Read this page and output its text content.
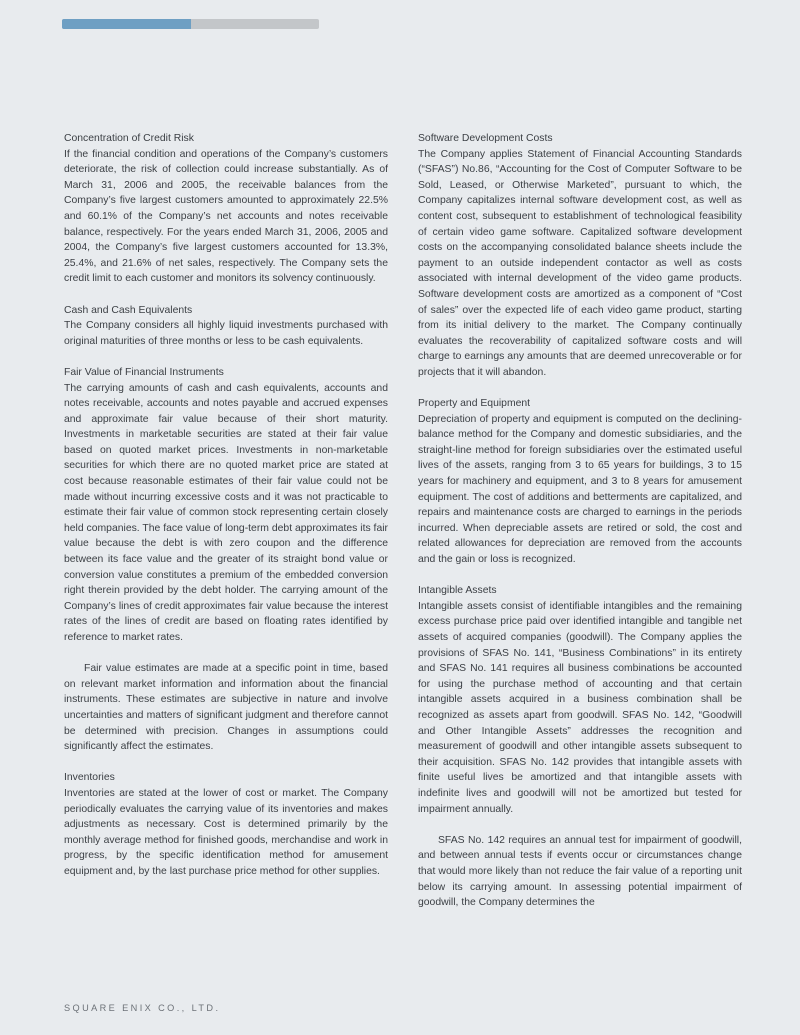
Concentration of Credit Risk

If the financial condition and operations of the Company’s customers deteriorate, the risk of collection could increase substantially. As of March 31, 2006 and 2005, the receivable balances from the Company’s five largest customers amounted to approximately 22.5% and 60.1% of the Company’s net accounts and notes receivable balance, respectively. For the years ended March 31, 2006, 2005 and 2004, the Company’s five largest customers accounted for 13.3%, 25.4%, and 21.6% of net sales, respectively. The Company sets the credit limit to each customer and monitors its solvency continuously.

Cash and Cash Equivalents

The Company considers all highly liquid investments purchased with original maturities of three months or less to be cash equivalents.

Fair Value of Financial Instruments

The carrying amounts of cash and cash equivalents, accounts and notes receivable, accounts and notes payable and accrued expenses and approximate fair value because of their short maturity. Investments in marketable securities are stated at their fair value based on quoted market prices. Investments in non-marketable securities for which there are no quoted market price are stated at cost because reasonable estimates of their fair value could not be made without incurring excessive costs and it was not practicable to estimate their fair value of common stock representing certain closely held companies. The face value of long-term debt approximates its fair value because the debt is with zero coupon and the difference between its face value and the greater of its straight bond value or conversion value constitutes a premium of the embedded conversion right therein provided by the debt holder. The carrying amount of the Company’s lines of credit approximates fair value because the interest rates of the lines of credit are based on floating rates identified by reference to market rates.

Fair value estimates are made at a specific point in time, based on relevant market information and information about the financial instruments. These estimates are subjective in nature and involve uncertainties and matters of significant judgment and therefore cannot be determined with precision. Changes in assumptions could significantly affect the estimates.

Inventories

Inventories are stated at the lower of cost or market. The Company periodically evaluates the carrying value of its inventories and makes adjustments as necessary. Cost is determined primarily by the monthly average method for finished goods, merchandise and work in progress, by the specific identification method for amusement equipment and, by the last purchase price method for other supplies.

Software Development Costs

The Company applies Statement of Financial Accounting Standards (“SFAS”) No.86, “Accounting for the Cost of Computer Software to be Sold, Leased, or Otherwise Marketed”, pursuant to which, the Company capitalizes internal software development cost, as well as content cost, subsequent to establishment of technological feasibility of certain video game software. Capitalized software development costs on the accompanying consolidated balance sheets include the payment to an outside independent contactor as well as costs associated with internal development of the video game products. Software development costs are amortized as a component of “Cost of sales” over the expected life of each video game product, starting from its initial delivery to the market. The Company continually evaluates the recoverability of capitalized software costs and will charge to earnings any amounts that are deemed unrecoverable or for projects that it will abandon.

Property and Equipment

Depreciation of property and equipment is computed on the declining-balance method for the Company and domestic subsidiaries, and the straight-line method for foreign subsidiaries over the estimated useful lives of the assets, ranging from 3 to 65 years for buildings, 3 to 15 years for machinery and equipment, and 3 to 8 years for amusement equipment. The cost of additions and betterments are capitalized, and repairs and maintenance costs are charged to earnings in the periods incurred. When depreciable assets are retired or sold, the cost and related allowances for depreciation are removed from the accounts and the gain or loss is recognized.

Intangible Assets

Intangible assets consist of identifiable intangibles and the remaining excess purchase price paid over identified intangible and tangible net assets of acquired companies (goodwill). The Company applies the provisions of SFAS No. 141, “Business Combinations” in its entirety and SFAS No. 141 requires all business combinations be accounted for using the purchase method of accounting and that certain intangible assets acquired in a business combination shall be recognized as assets apart from goodwill. SFAS No. 142, “Goodwill and Other Intangible Assets” addresses the recognition and measurement of goodwill and other intangible assets subsequent to their acquisition. SFAS No. 142 provides that intangible assets with finite useful lives be amortized and that intangible assets with indefinite lives and goodwill will not be amortized but tested for impairment annually.

SFAS No. 142 requires an annual test for impairment of goodwill, and between annual tests if events occur or circumstances change that would more likely than not reduce the fair value of a reporting unit below its carrying amount. In assessing potential impairment of goodwill, the Company determines the

SQUARE ENIX CO., LTD.
